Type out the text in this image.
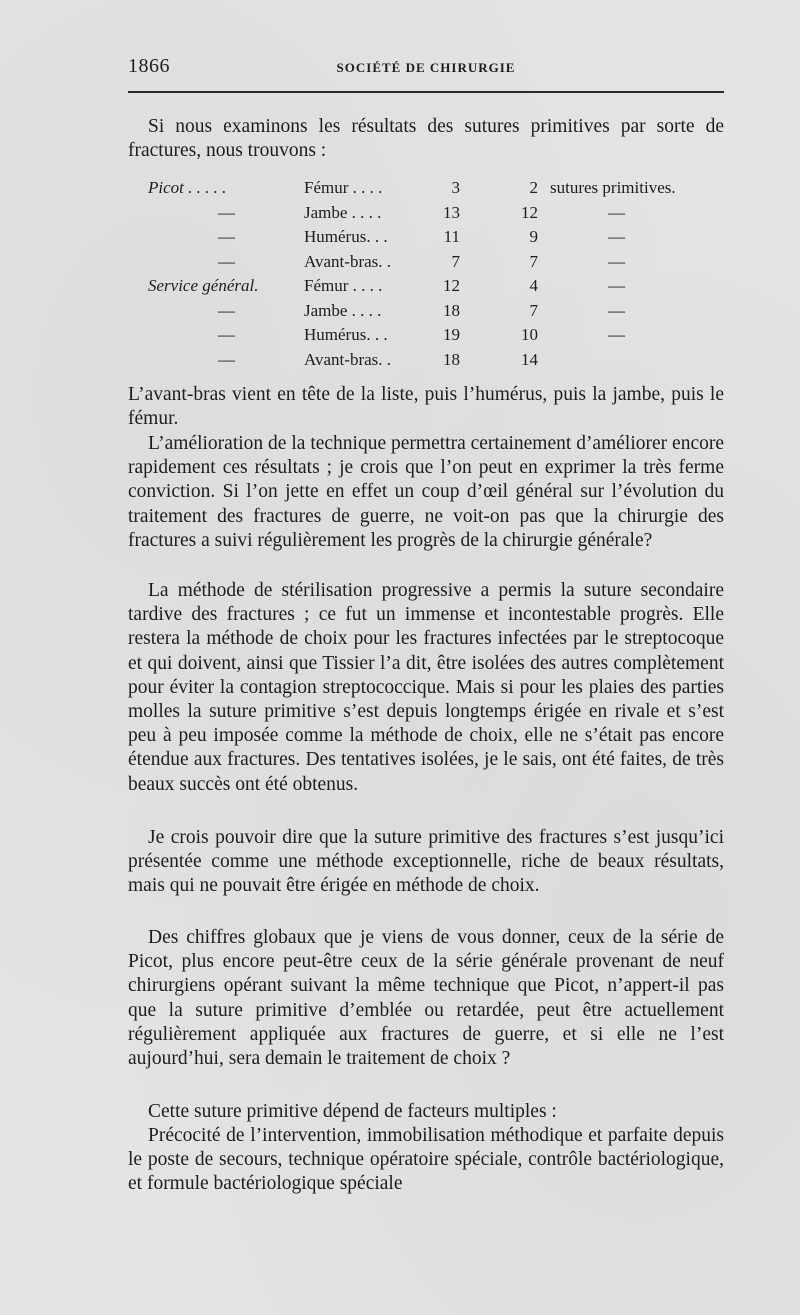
1866	SOCIÉTÉ DE CHIRURGIE

Si nous examinons les résultats des sutures primitives par sorte de fractures, nous trouvons :

Picot . . . . .	Fémur . . . .	3	2 sutures primitives.
—	Jambe . . . .	13	12	—
—	Humérus. . .	11	9	—
—	Avant-bras. .	7	7	—
Service général.	Fémur . . . .	12	4	—
—	Jambe . . . .	18	7	—
—	Humérus. . .	19	10	—
—	Avant-bras. .	18	14

L’avant-bras vient en tête de la liste, puis l’humérus, puis la jambe, puis le fémur.

L’amélioration de la technique permettra certainement d’améliorer encore rapidement ces résultats ; je crois que l’on peut en exprimer la très ferme conviction. Si l’on jette en effet un coup d’œil général sur l’évolution du traitement des fractures de guerre, ne voit-on pas que la chirurgie des fractures a suivi régulièrement les progrès de la chirurgie générale?

La méthode de stérilisation progressive a permis la suture secondaire tardive des fractures ; ce fut un immense et incontestable progrès. Elle restera la méthode de choix pour les fractures infectées par le streptocoque et qui doivent, ainsi que Tissier l’a dit, être isolées des autres complètement pour éviter la contagion streptococcique. Mais si pour les plaies des parties molles la suture primitive s’est depuis longtemps érigée en rivale et s’est peu à peu imposée comme la méthode de choix, elle ne s’était pas encore étendue aux fractures. Des tentatives isolées, je le sais, ont été faites, de très beaux succès ont été obtenus.

Je crois pouvoir dire que la suture primitive des fractures s’est jusqu’ici présentée comme une méthode exceptionnelle, riche de beaux résultats, mais qui ne pouvait être érigée en méthode de choix.

Des chiffres globaux que je viens de vous donner, ceux de la série de Picot, plus encore peut-être ceux de la série générale provenant de neuf chirurgiens opérant suivant la même technique que Picot, n’appert-il pas que la suture primitive d’emblée ou retardée, peut être actuellement régulièrement appliquée aux fractures de guerre, et si elle ne l’est aujourd’hui, sera demain le traitement de choix ?

Cette suture primitive dépend de facteurs multiples :

Précocité de l’intervention, immobilisation méthodique et parfaite depuis le poste de secours, technique opératoire spéciale, contrôle bactériologique, et formule bactériologique spéciale
